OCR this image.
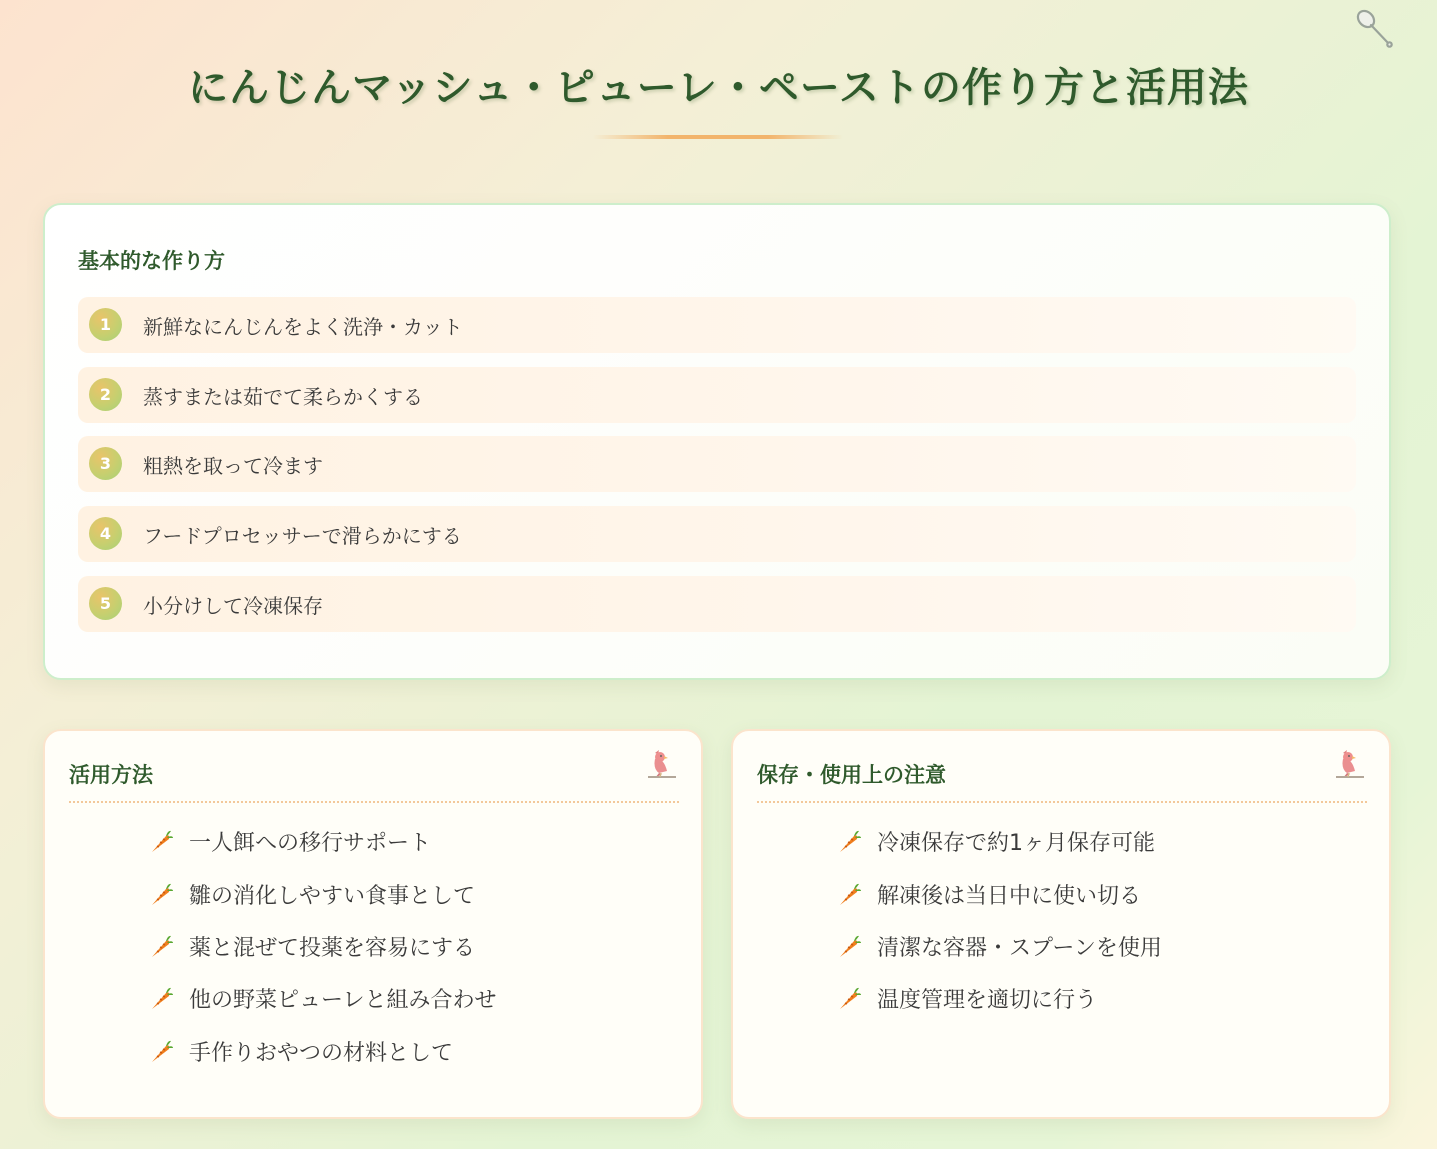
にんじんマッシュ・ピューレ・ペーストの作り方と活用法
基本的な作り方
1	新鮮なにんじんをよく洗浄・カット
2	蒸すまたは茹でて柔らかくする
3	粗熱を取って冷ます
4	フードプロセッサーで滑らかにする
5	小分けして冷凍保存
活用方法
一人餌への移行サポート
雛の消化しやすい食事として
薬と混ぜて投薬を容易にする
他の野菜ピューレと組み合わせ
手作りおやつの材料として
保存・使用上の注意
冷凍保存で約1ヶ月保存可能
解凍後は当日中に使い切る
清潔な容器・スプーンを使用
温度管理を適切に行う
